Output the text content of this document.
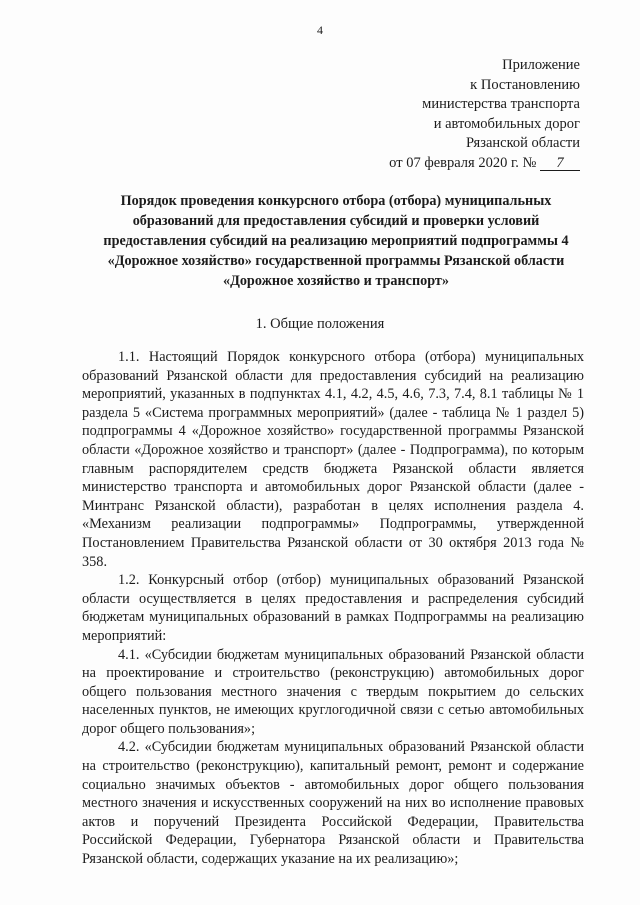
4
Приложение
к Постановлению
министерства транспорта
и автомобильных дорог
Рязанской области
от 07 февраля 2020 г. № 7
Порядок проведения конкурсного отбора (отбора) муниципальных образований для предоставления субсидий и проверки условий предоставления субсидий на реализацию мероприятий подпрограммы 4 «Дорожное хозяйство» государственной программы Рязанской области «Дорожное хозяйство и транспорт»
1. Общие положения

1.1. Настоящий Порядок конкурсного отбора (отбора) муниципальных образований Рязанской области для предоставления субсидий на реализацию мероприятий, указанных в подпунктах 4.1, 4.2, 4.5, 4.6, 7.3, 7.4, 8.1 таблицы № 1 раздела 5 «Система программных мероприятий» (далее - таблица № 1 раздел 5) подпрограммы 4 «Дорожное хозяйство» государственной программы Рязанской области «Дорожное хозяйство и транспорт» (далее - Подпрограмма), по которым главным распорядителем средств бюджета Рязанской области является министерство транспорта и автомобильных дорог Рязанской области (далее - Минтранс Рязанской области), разработан в целях исполнения раздела 4. «Механизм реализации подпрограммы» Подпрограммы, утвержденной Постановлением Правительства Рязанской области от 30 октября 2013 года № 358.

1.2. Конкурсный отбор (отбор) муниципальных образований Рязанской области осуществляется в целях предоставления и распределения субсидий бюджетам муниципальных образований в рамках Подпрограммы на реализацию мероприятий:

4.1. «Субсидии бюджетам муниципальных образований Рязанской области на проектирование и строительство (реконструкцию) автомобильных дорог общего пользования местного значения с твердым покрытием до сельских населенных пунктов, не имеющих круглогодичной связи с сетью автомобильных дорог общего пользования»;

4.2. «Субсидии бюджетам муниципальных образований Рязанской области на строительство (реконструкцию), капитальный ремонт, ремонт и содержание социально значимых объектов - автомобильных дорог общего пользования местного значения и искусственных сооружений на них во исполнение правовых актов и поручений Президента Российской Федерации, Правительства Российской Федерации, Губернатора Рязанской области и Правительства Рязанской области, содержащих указание на их реализацию»;
